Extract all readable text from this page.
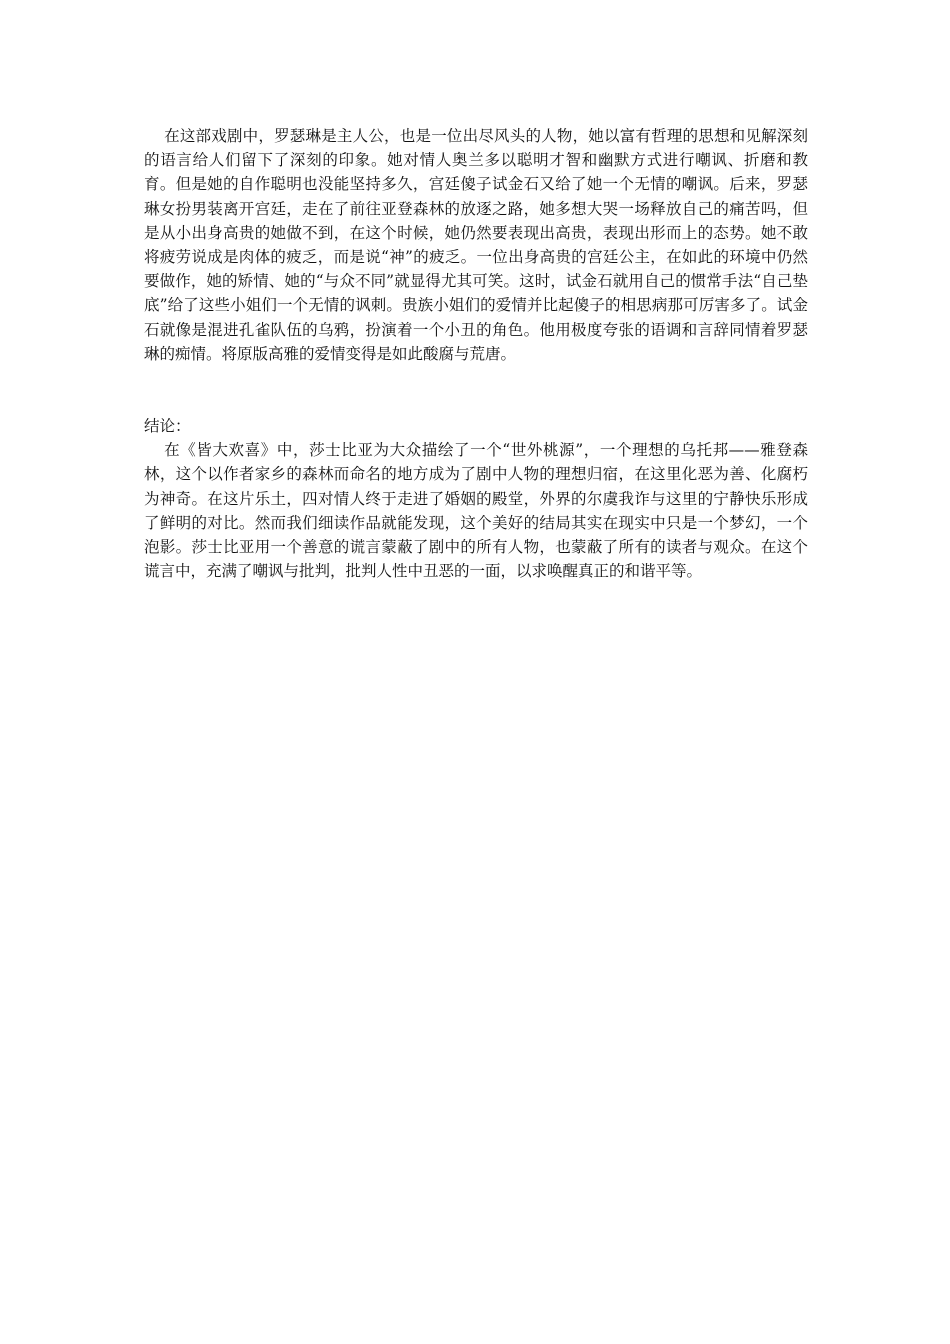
在这部戏剧中，罗瑟琳是主人公，也是一位出尽风头的人物，她以富有哲理的思想和见解深刻的语言给人们留下了深刻的印象。她对情人奥兰多以聪明才智和幽默方式进行嘲讽、折磨和教育。但是她的自作聪明也没能坚持多久，宫廷傻子试金石又给了她一个无情的嘲讽。后来，罗瑟琳女扮男装离开宫廷，走在了前往亚登森林的放逐之路，她多想大哭一场释放自己的痛苦吗，但是从小出身高贵的她做不到，在这个时候，她仍然要表现出高贵，表现出形而上的态势。她不敢将疲劳说成是肉体的疲乏，而是说“神”的疲乏。一位出身高贵的宫廷公主，在如此的环境中仍然要做作，她的矫情、她的“与众不同”就显得尤其可笑。这时，试金石就用自己的惯常手法“自己垫底”给了这些小姐们一个无情的讽刺。贵族小姐们的爱情并比起傻子的相思病那可厉害多了。试金石就像是混进孔雀队伍的乌鸦，扮演着一个小丑的角色。他用极度夸张的语调和言辞同情着罗瑟琳的痴情。将原版高雅的爱情变得是如此酸腐与荒唐。

结论：

在《皆大欢喜》中，莎士比亚为大众描绘了一个“世外桃源”，一个理想的乌托邦——雅登森林，这个以作者家乡的森林而命名的地方成为了剧中人物的理想归宿，在这里化恶为善、化腐朽为神奇。在这片乐土，四对情人终于走进了婚姻的殿堂，外界的尔虞我诈与这里的宁静快乐形成了鲜明的对比。然而我们细读作品就能发现，这个美好的结局其实在现实中只是一个梦幻，一个泡影。莎士比亚用一个善意的谎言蒙蔽了剧中的所有人物，也蒙蔽了所有的读者与观众。在这个谎言中，充满了嘲讽与批判，批判人性中丑恶的一面，以求唤醒真正的和谐平等。
